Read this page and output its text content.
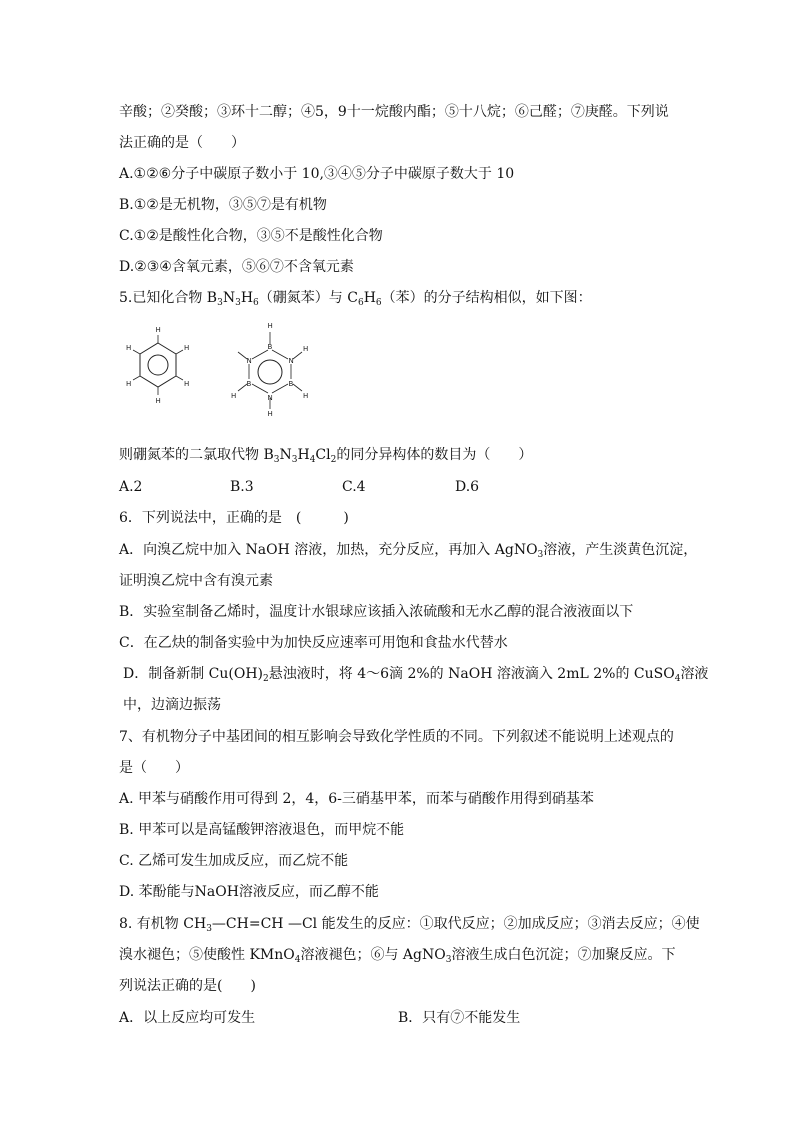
辛酸；②癸酸；③环十二醇；④5，9十一烷酸内酯；⑤十八烷；⑥己醛；⑦庚醛。下列说
法正确的是（　　）
A.①②⑥分子中碳原子数小于 10,③④⑤分子中碳原子数大于 10
B.①②是无机物，③⑤⑦是有机物
C.①②是酸性化合物，③⑤不是酸性化合物
D.②③④含氧元素，⑤⑥⑦不含氧元素
5.已知化合物 $B_3N_3H_6$（硼氮苯）与 $C_6H_6$（苯）的分子结构相似，如下图：
H
H
H
H
H
H
H
B
N
H
N
B
H
B
N
H
H
则硼氮苯的二氯取代物 $B_3N_3H_4Cl_2$的同分异构体的数目为（　　）
A.2	B.3	C.4	D.6
6．下列说法中，正确的是　(　　　)
A．向溴乙烷中加入 NaOH 溶液，加热，充分反应，再加入 AgNO$_3$溶液，产生淡黄色沉淀，
证明溴乙烷中含有溴元素
B．实验室制备乙烯时，温度计水银球应该插入浓硫酸和无水乙醇的混合液液面以下
C．在乙炔的制备实验中为加快反应速率可用饱和食盐水代替水
D．制备新制 $Cu(OH)_2$悬浊液时，将 4～6滴 2%的 NaOH 溶液滴入 2mL 2%的 CuSO$_4$溶液
中，边滴边振荡
7、有机物分子中基团间的相互影响会导致化学性质的不同。下列叙述不能说明上述观点的
是（　　）
A. 甲苯与硝酸作用可得到 2，4，6-三硝基甲苯，而苯与硝酸作用得到硝基苯
B. 甲苯可以是高锰酸钾溶液退色，而甲烷不能
C. 乙烯可发生加成反应，而乙烷不能
D. 苯酚能与NaOH溶液反应，而乙醇不能
8. 有机物 $CH_3—CH=CH$ —Cl 能发生的反应：①取代反应；②加成反应；③消去反应；④使
溴水褪色；⑤使酸性 KMnO$_4$溶液褪色；⑥与 AgNO$_3$溶液生成白色沉淀；⑦加聚反应。下
列说法正确的是(　　)
A．以上反应均可发生	B．只有⑦不能发生
